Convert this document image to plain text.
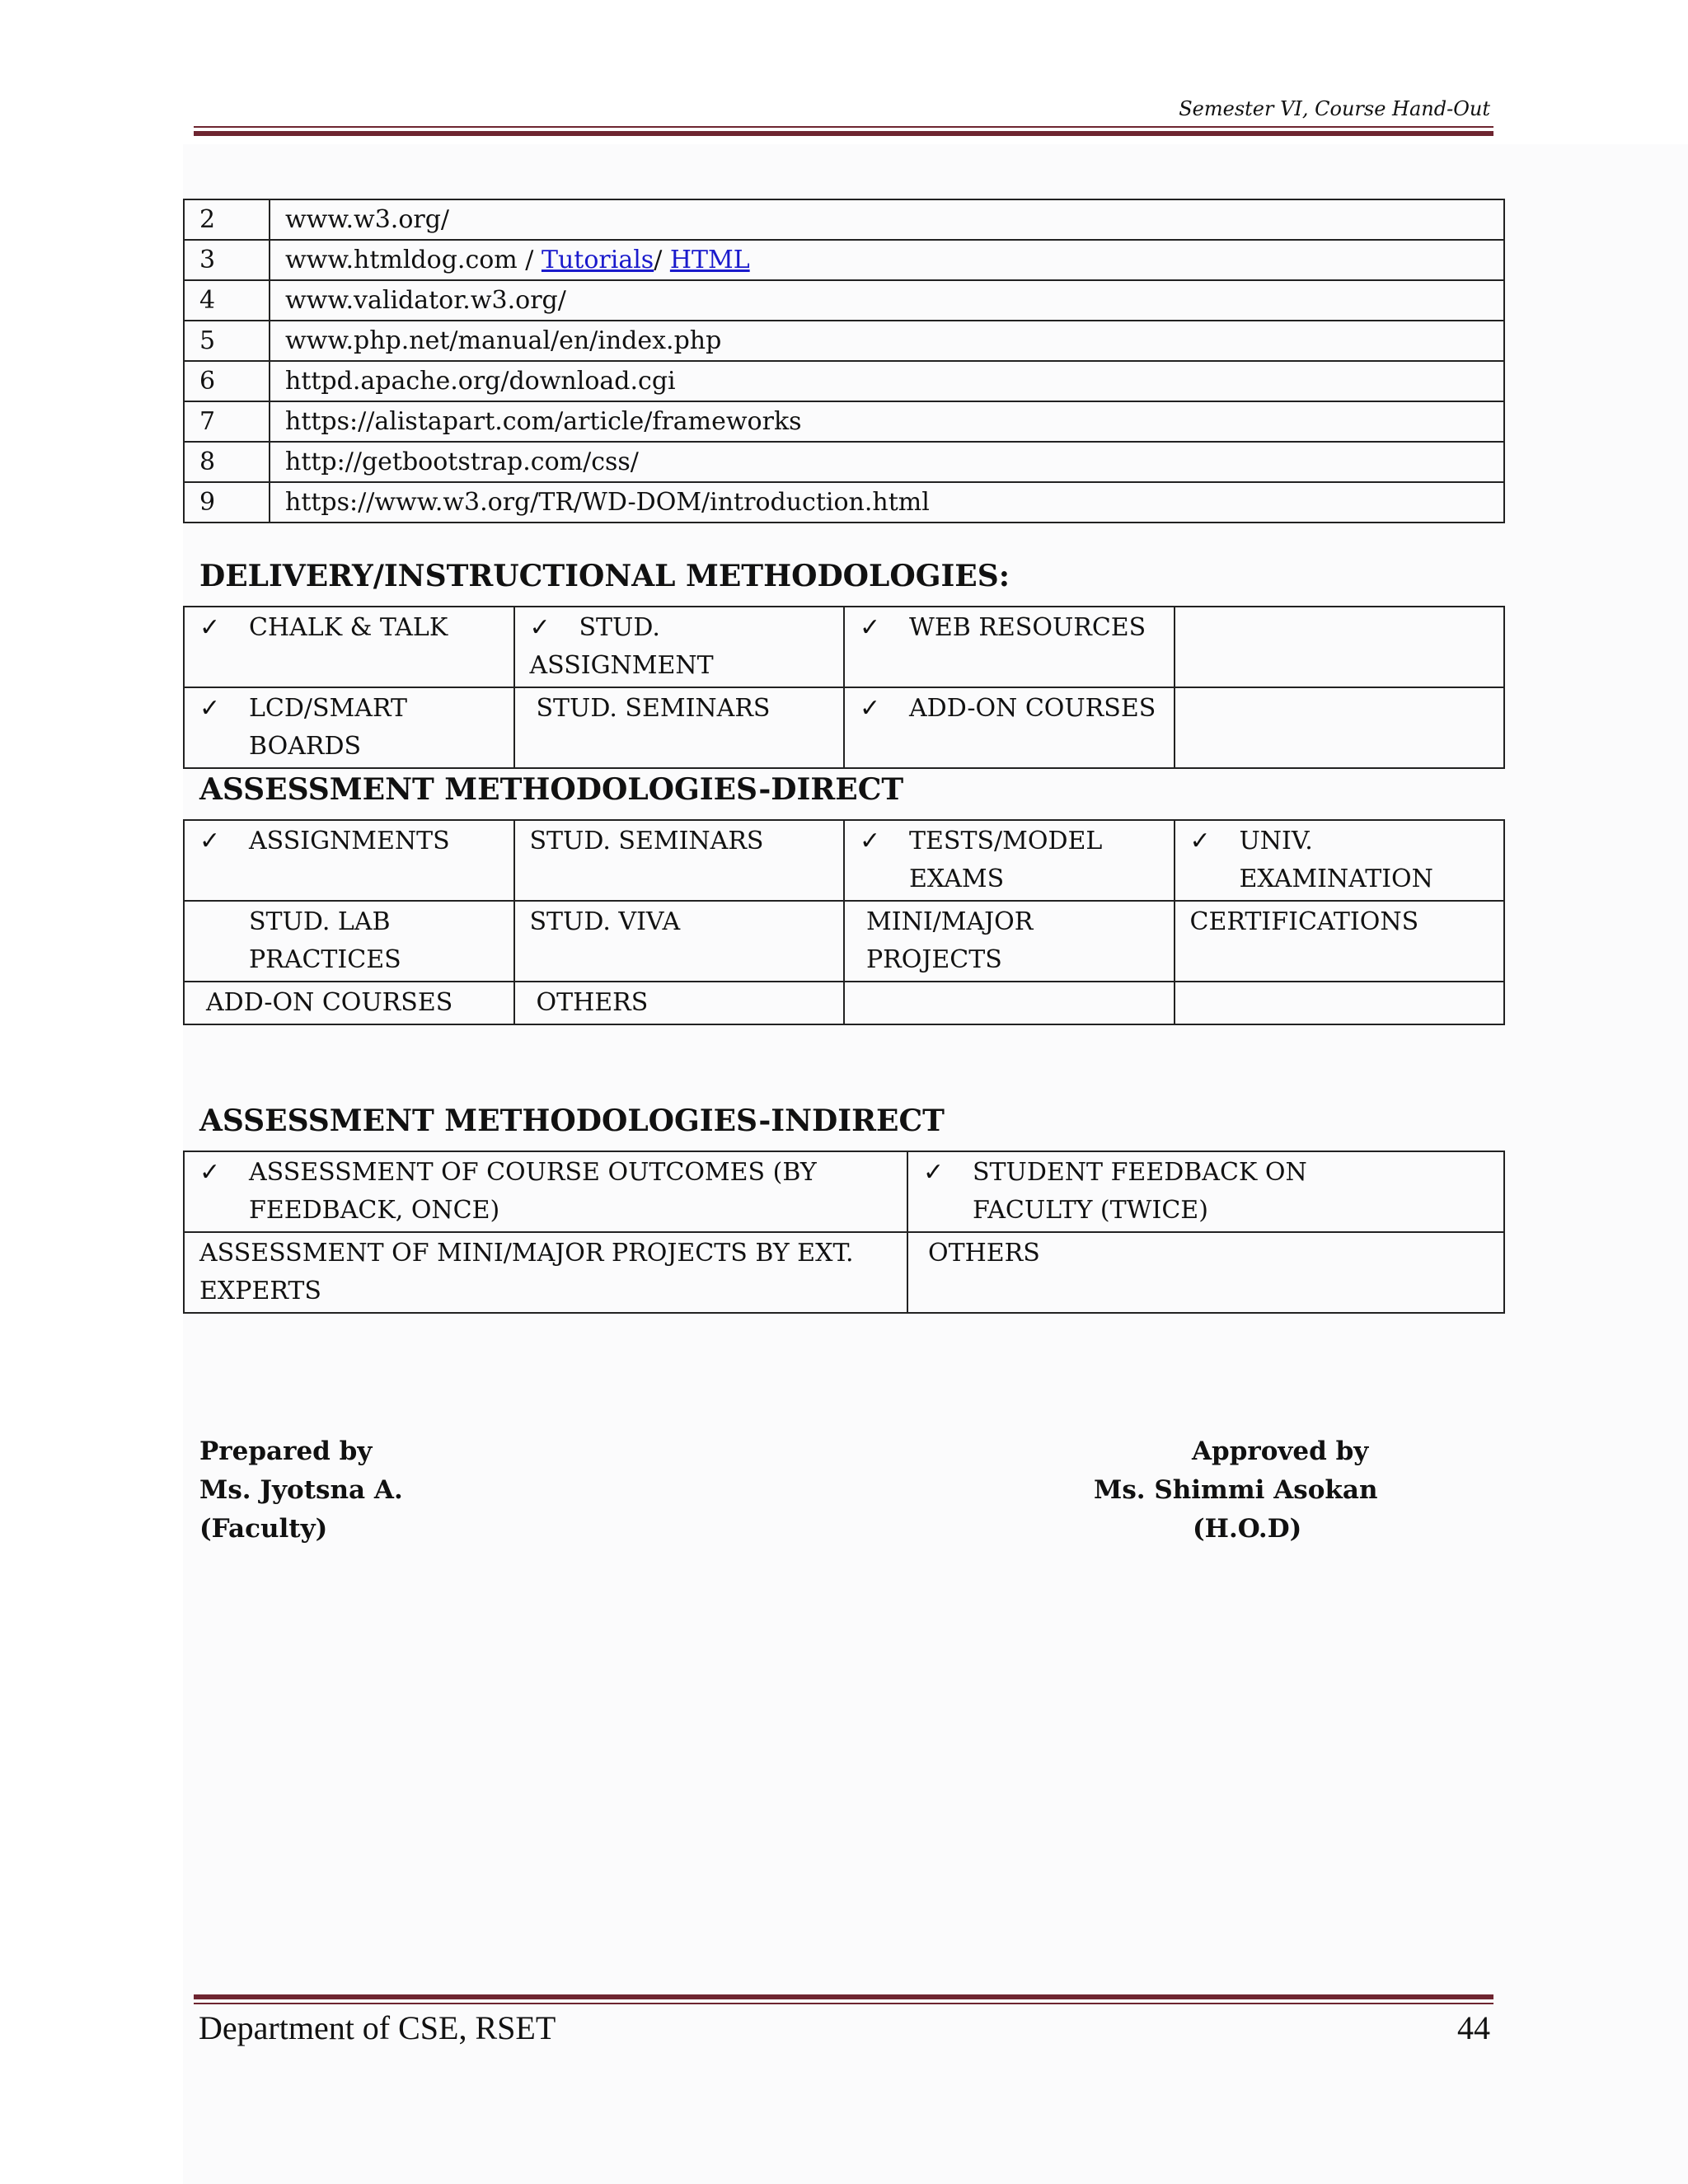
Semester VI, Course Hand-Out

2	www.w3.org/
3	www.htmldog.com / Tutorials/ HTML
4	www.validator.w3.org/
5	www.php.net/manual/en/index.php
6	httpd.apache.org/download.cgi
7	https://alistapart.com/article/frameworks
8	http://getbootstrap.com/css/
9	https://www.w3.org/TR/WD-DOM/introduction.html

DELIVERY/INSTRUCTIONAL METHODOLOGIES:

✓ CHALK & TALK	✓ STUD. ASSIGNMENT	✓ WEB RESOURCES	

✓ LCD/SMART BOARDS	STUD. SEMINARS	✓ ADD-ON COURSES	

ASSESSMENT METHODOLOGIES-DIRECT

✓ ASSIGNMENTS	STUD. SEMINARS	✓ TESTS/MODEL EXAMS	✓ UNIV. EXAMINATION

STUD. LAB PRACTICES	STUD. VIVA	MINI/MAJOR PROJECTS	CERTIFICATIONS
ADD-ON COURSES	OTHERS		

ASSESSMENT METHODOLOGIES-INDIRECT

✓ ASSESSMENT OF COURSE OUTCOMES (BY FEEDBACK, ONCE)	✓ STUDENT FEEDBACK ON FACULTY (TWICE)

ASSESSMENT OF MINI/MAJOR PROJECTS BY EXT. EXPERTS	OTHERS

Prepared by

Ms. Jyotsna A.

(Faculty)

Approved by

Ms. Shimmi Asokan

(H.O.D)

Department of CSE, RSET	44
